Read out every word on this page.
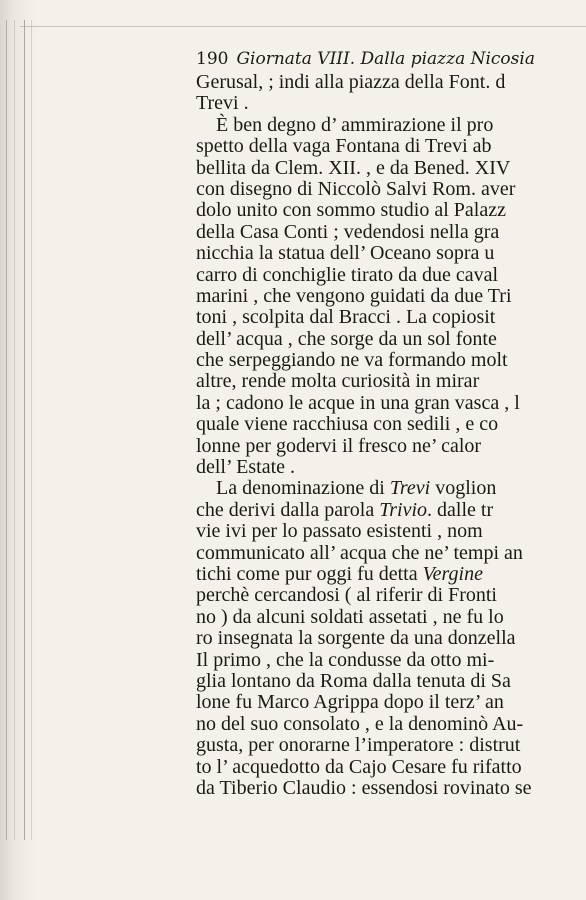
190 Giornata VIII. Dalla piazza Nicosia
Gerusal, ; indi alla piazza della Font. d
Trevi .
È ben degno d’ ammirazione il pro
spetto della vaga Fontana di Trevi ab
bellita da Clem. XII. , e da Bened. XIV
con disegno di Niccolò Salvi Rom. aver
dolo unito con sommo studio al Palazz
della Casa Conti ; vedendosi nella gra
nicchia la statua dell’ Oceano sopra u
carro di conchiglie tirato da due caval
marini , che vengono guidati da due Tri
toni , scolpita dal Bracci . La copiosit
dell’ acqua , che sorge da un sol fonte
che serpeggiando ne va formando molt
altre, rende molta curiosità in mirar
la ; cadono le acque in una gran vasca , l
quale viene racchiusa con sedili , e co
lonne per godervi il fresco ne’ calor
dell’ Estate .
La denominazione di Trevi voglion
che derivi dalla parola Trivio. dalle tr
vie ivi per lo passato esistenti , nom
communicato all’ acqua che ne’ tempi an
tichi come pur oggi fu detta Vergine
perchè cercandosi ( al riferir di Fronti
no ) da alcuni soldati assetati , ne fu lo
ro insegnata la sorgente da una donzella
Il primo , che la condusse da otto mi-
glia lontano da Roma dalla tenuta di Sa
lone fu Marco Agrippa dopo il terz’ an
no del suo consolato , e la denominò Au-
gusta, per onorarne l’imperatore : distrut
to l’ acquedotto da Cajo Cesare fu rifatto
da Tiberio Claudio : essendosi rovinato se
